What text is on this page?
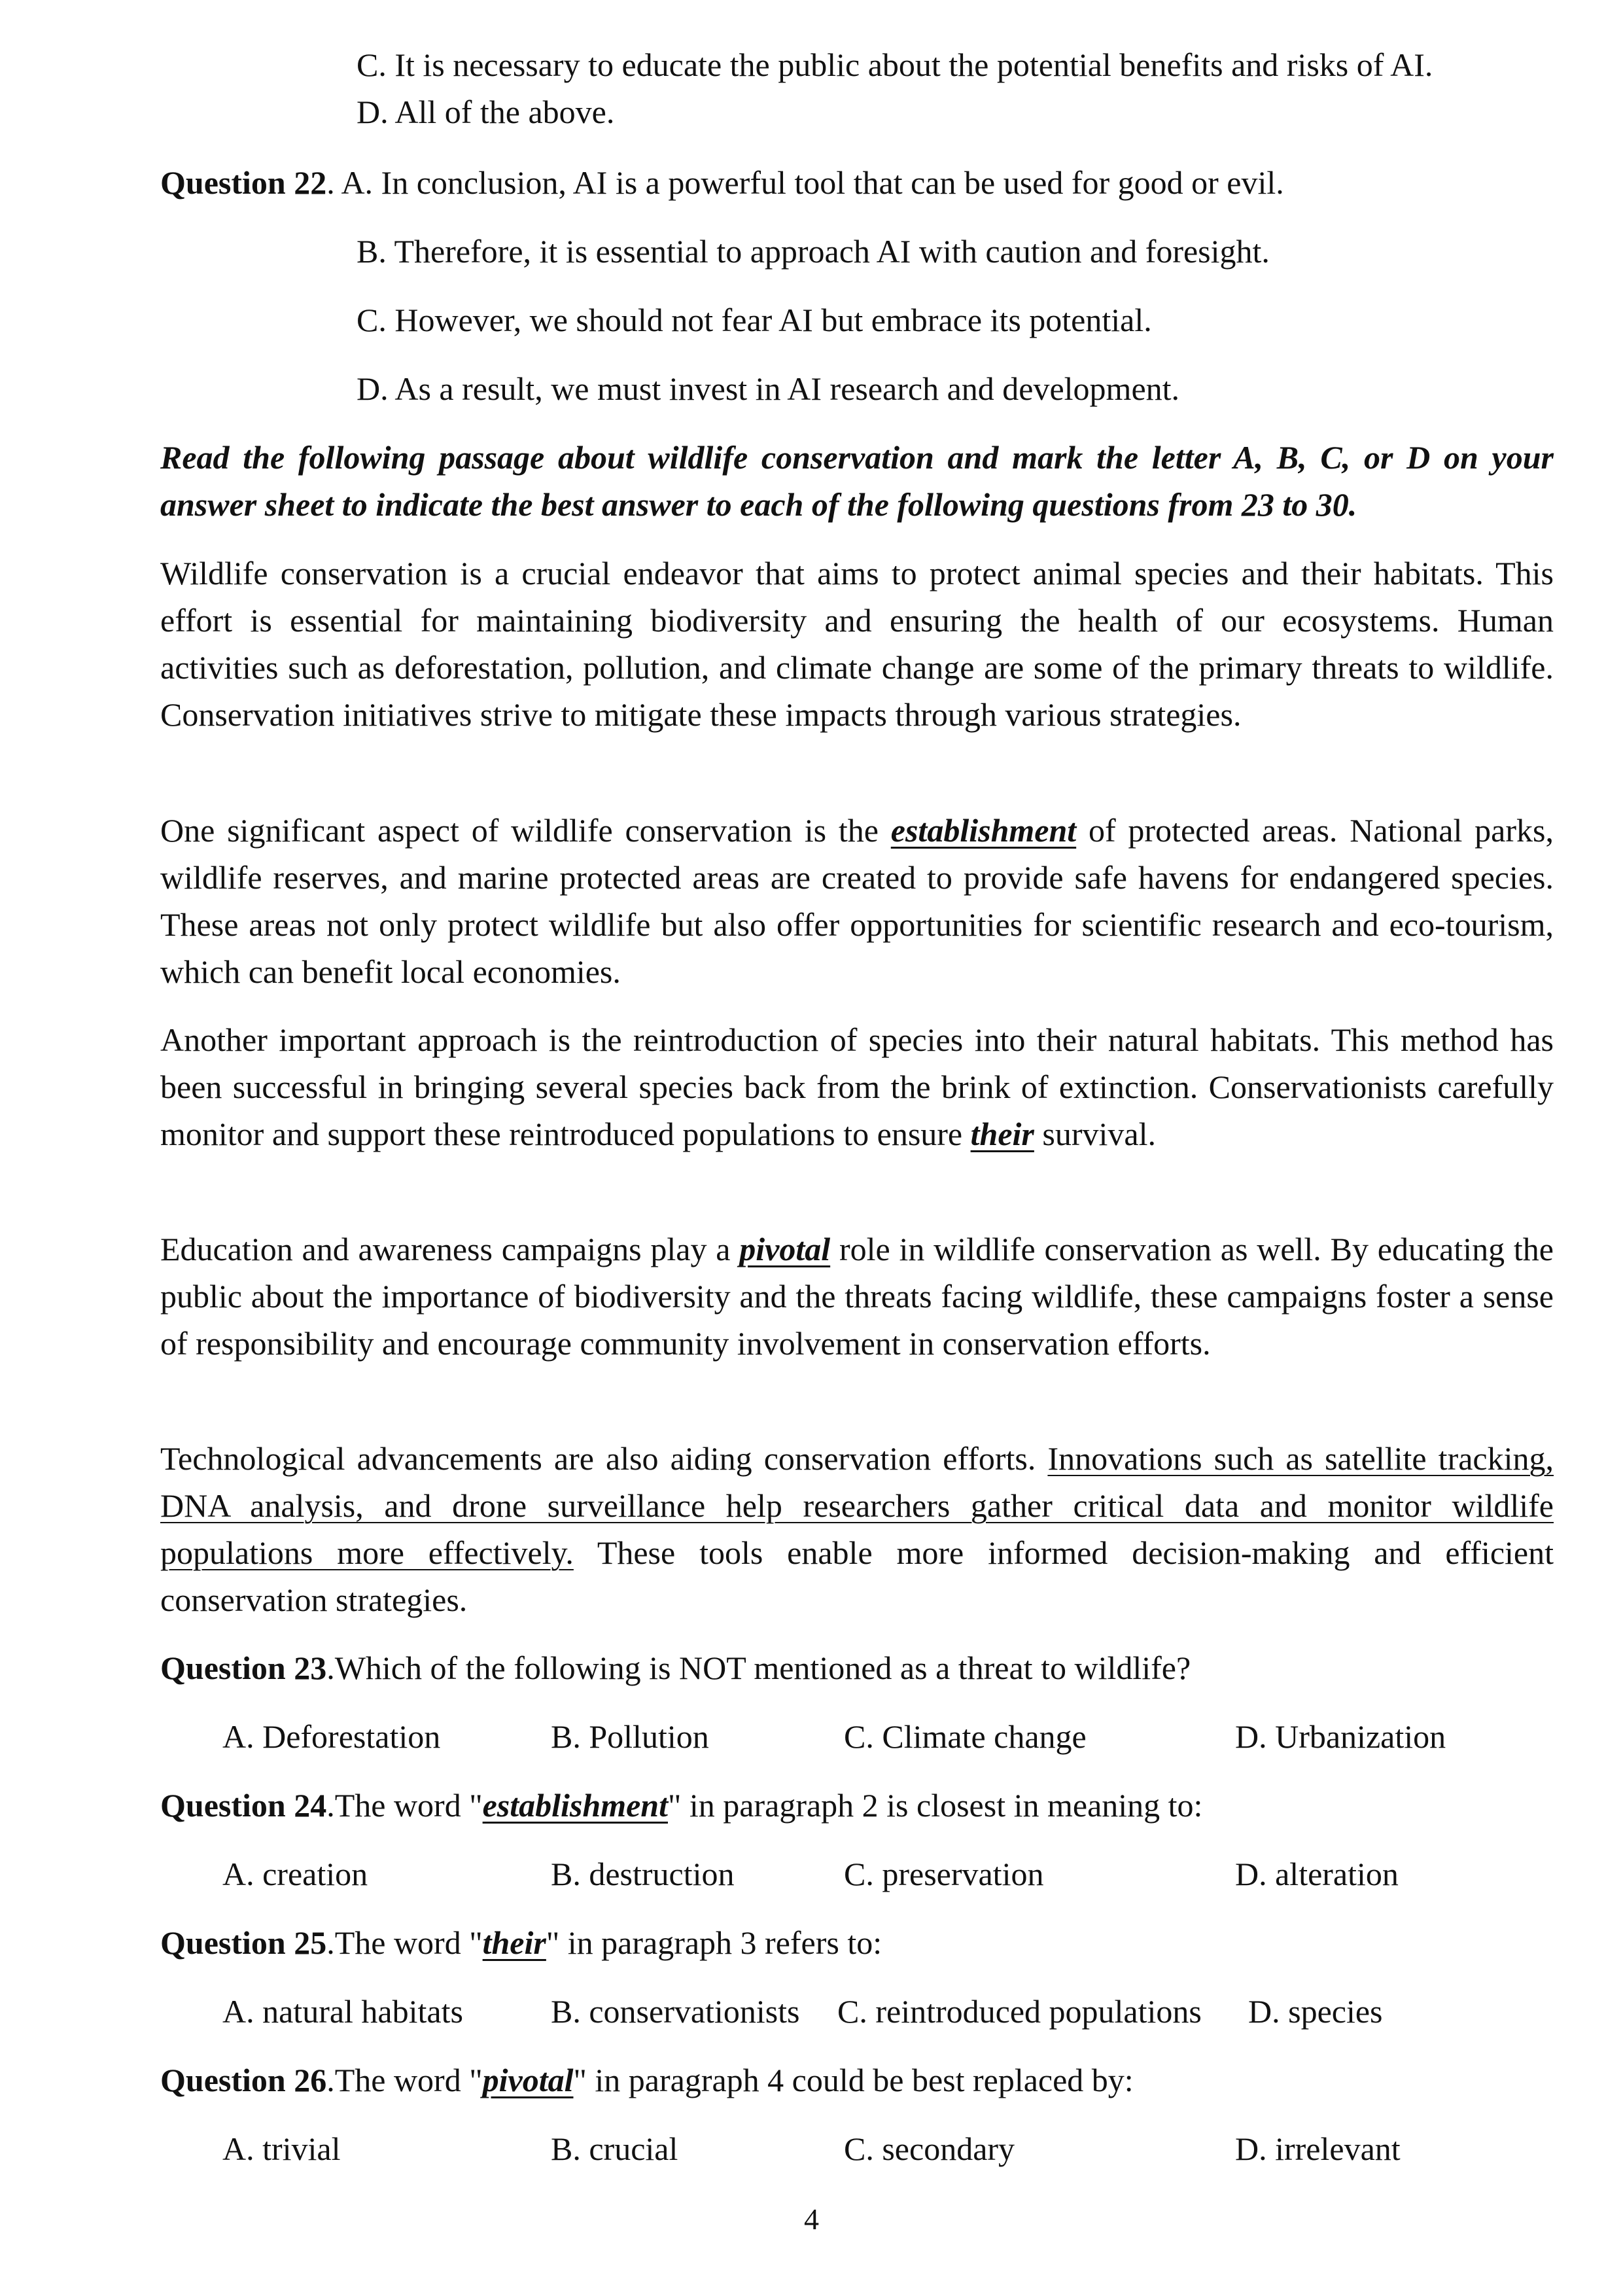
C. It is necessary to educate the public about the potential benefits and risks of AI.

D. All of the above.

Question 22. A. In conclusion, AI is a powerful tool that can be used for good or evil.

B. Therefore, it is essential to approach AI with caution and foresight.

C. However, we should not fear AI but embrace its potential.

D. As a result, we must invest in AI research and development.

Read the following passage about wildlife conservation and mark the letter A, B, C, or D on your answer sheet to indicate the best answer to each of the following questions from 23 to 30.

Wildlife conservation is a crucial endeavor that aims to protect animal species and their habitats. This effort is essential for maintaining biodiversity and ensuring the health of our ecosystems. Human activities such as deforestation, pollution, and climate change are some of the primary threats to wildlife. Conservation initiatives strive to mitigate these impacts through various strategies.

One significant aspect of wildlife conservation is the establishment of protected areas. National parks, wildlife reserves, and marine protected areas are created to provide safe havens for endangered species. These areas not only protect wildlife but also offer opportunities for scientific research and eco-tourism, which can benefit local economies.

Another important approach is the reintroduction of species into their natural habitats. This method has been successful in bringing several species back from the brink of extinction. Conservationists carefully monitor and support these reintroduced populations to ensure their survival.

Education and awareness campaigns play a pivotal role in wildlife conservation as well. By educating the public about the importance of biodiversity and the threats facing wildlife, these campaigns foster a sense of responsibility and encourage community involvement in conservation efforts.

Technological advancements are also aiding conservation efforts. Innovations such as satellite tracking, DNA analysis, and drone surveillance help researchers gather critical data and monitor wildlife populations more effectively. These tools enable more informed decision-making and efficient conservation strategies.

Question 23.Which of the following is NOT mentioned as a threat to wildlife?

A. Deforestation	B. Pollution	C. Climate change	D. Urbanization

Question 24.The word "establishment" in paragraph 2 is closest in meaning to:

A. creation	B. destruction	C. preservation	D. alteration

Question 25.The word "their" in paragraph 3 refers to:

A. natural habitats	B. conservationists C. reintroduced populations D. species

Question 26.The word "pivotal" in paragraph 4 could be best replaced by:

A. trivial	B. crucial	C. secondary	D. irrelevant
4
